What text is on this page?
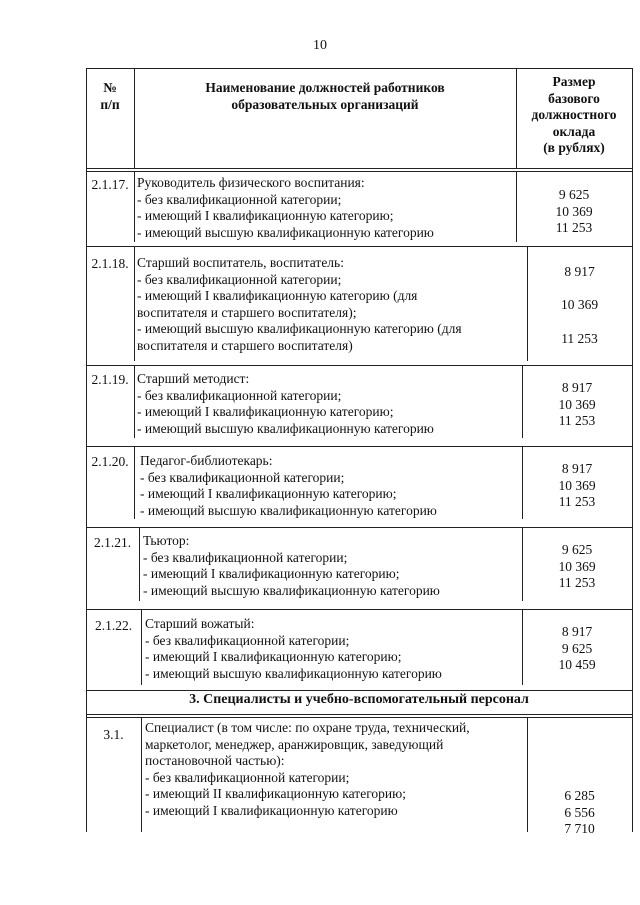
10
№
п/п
Наименование должностей работников
образовательных организаций
Размер
базового
должностного
оклада
(в рублях)
2.1.17. Руководитель физического воспитания:
- без квалификационной категории;
- имеющий I квалификационную категорию;
- имеющий высшую квалификационную категорию
9 625
10 369
11 253
2.1.18. Старший воспитатель, воспитатель:
- без квалификационной категории;
- имеющий I квалификационную категорию (для
воспитателя и старшего воспитателя);
- имеющий высшую квалификационную категорию (для
воспитателя и старшего воспитателя)
8 917
10 369
11 253
2.1.19. Старший методист:
- без квалификационной категории;
- имеющий I квалификационную категорию;
- имеющий высшую квалификационную категорию
8 917
10 369
11 253
2.1.20. Педагог-библиотекарь:
- без квалификационной категории;
- имеющий I квалификационную категорию;
- имеющий высшую квалификационную категорию
8 917
10 369
11 253
2.1.21. Тьютор:
- без квалификационной категории;
- имеющий I квалификационную категорию;
- имеющий высшую квалификационную категорию
9 625
10 369
11 253
2.1.22. Старший вожатый:
- без квалификационной категории;
- имеющий I квалификационную категорию;
- имеющий высшую квалификационную категорию
8 917
9 625
10 459
3. Специалисты и учебно-вспомогательный персонал
3.1.	Специалист (в том числе: по охране труда, технический,
маркетолог, менеджер, аранжировщик, заведующий
постановочной частью):
- без квалификационной категории;
- имеющий II квалификационную категорию;
- имеющий I квалификационную категорию
6 285
6 556
7 710
